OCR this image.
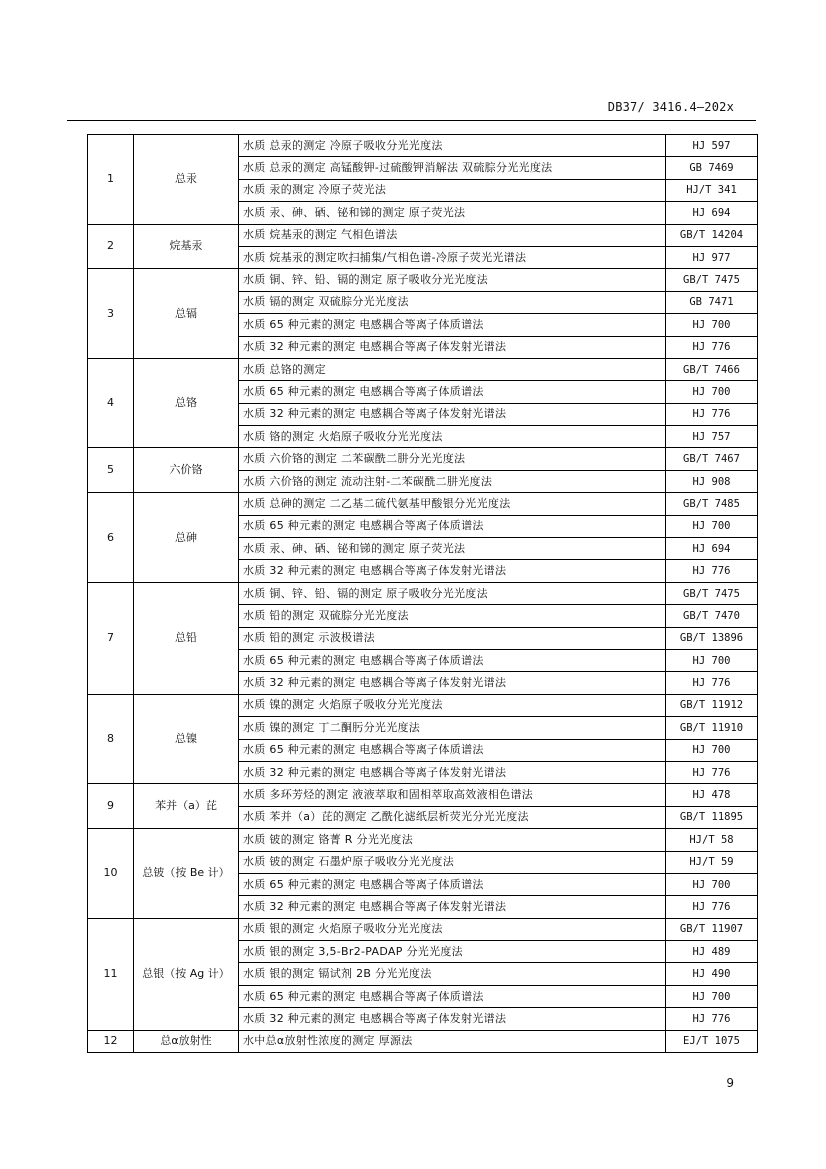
DB37/ 3416.4—202x
1	总汞	水质 总汞的测定 冷原子吸收分光光度法	HJ 597
		水质 总汞的测定 高锰酸钾-过硫酸钾消解法 双硫腙分光光度法	GB 7469
		水质 汞的测定 冷原子荧光法	HJ/T 341
		水质 汞、砷、硒、铋和锑的测定 原子荧光法	HJ 694
2	烷基汞	水质 烷基汞的测定 气相色谱法	GB/T 14204
		水质 烷基汞的测定吹扫捕集/气相色谱-冷原子荧光光谱法	HJ 977
3	总镉	水质 铜、锌、铅、镉的测定 原子吸收分光光度法	GB/T 7475
		水质 镉的测定 双硫腙分光光度法	GB 7471
		水质 65 种元素的测定 电感耦合等离子体质谱法	HJ 700
		水质 32 种元素的测定 电感耦合等离子体发射光谱法	HJ 776
4	总铬	水质 总铬的测定	GB/T 7466
		水质 65 种元素的测定 电感耦合等离子体质谱法	HJ 700
		水质 32 种元素的测定 电感耦合等离子体发射光谱法	HJ 776
		水质 铬的测定 火焰原子吸收分光光度法	HJ 757
5	六价铬	水质 六价铬的测定 二苯碳酰二肼分光光度法	GB/T 7467
		水质 六价铬的测定 流动注射-二苯碳酰二肼光度法	HJ 908
6	总砷	水质 总砷的测定 二乙基二硫代氨基甲酸银分光光度法	GB/T 7485
		水质 65 种元素的测定 电感耦合等离子体质谱法	HJ 700
		水质 汞、砷、硒、铋和锑的测定 原子荧光法	HJ 694
		水质 32 种元素的测定 电感耦合等离子体发射光谱法	HJ 776
7	总铅	水质 铜、锌、铅、镉的测定 原子吸收分光光度法	GB/T 7475
		水质 铅的测定 双硫腙分光光度法	GB/T 7470
		水质 铅的测定 示波极谱法	GB/T 13896
		水质 65 种元素的测定 电感耦合等离子体质谱法	HJ 700
		水质 32 种元素的测定 电感耦合等离子体发射光谱法	HJ 776
8	总镍	水质 镍的测定 火焰原子吸收分光光度法	GB/T 11912
		水质 镍的测定 丁二酮肟分光光度法	GB/T 11910
		水质 65 种元素的测定 电感耦合等离子体质谱法	HJ 700
		水质 32 种元素的测定 电感耦合等离子体发射光谱法	HJ 776
9	苯并（a）芘	水质 多环芳烃的测定 液液萃取和固相萃取高效液相色谱法	HJ 478
		水质 苯并（a）芘的测定 乙酰化滤纸层析荧光分光光度法	GB/T 11895
10	总铍（按 Be 计）	水质 铍的测定 铬菁 R 分光光度法	HJ/T 58
		水质 铍的测定 石墨炉原子吸收分光光度法	HJ/T 59
		水质 65 种元素的测定 电感耦合等离子体质谱法	HJ 700
		水质 32 种元素的测定 电感耦合等离子体发射光谱法	HJ 776
11	总银（按 Ag 计）	水质 银的测定 火焰原子吸收分光光度法	GB/T 11907
		水质 银的测定 3,5-Br2-PADAP 分光光度法	HJ 489
		水质 银的测定 镉试剂 2B 分光光度法	HJ 490
		水质 65 种元素的测定 电感耦合等离子体质谱法	HJ 700
		水质 32 种元素的测定 电感耦合等离子体发射光谱法	HJ 776
12	总α放射性	水中总α放射性浓度的测定 厚源法	EJ/T 1075
9
